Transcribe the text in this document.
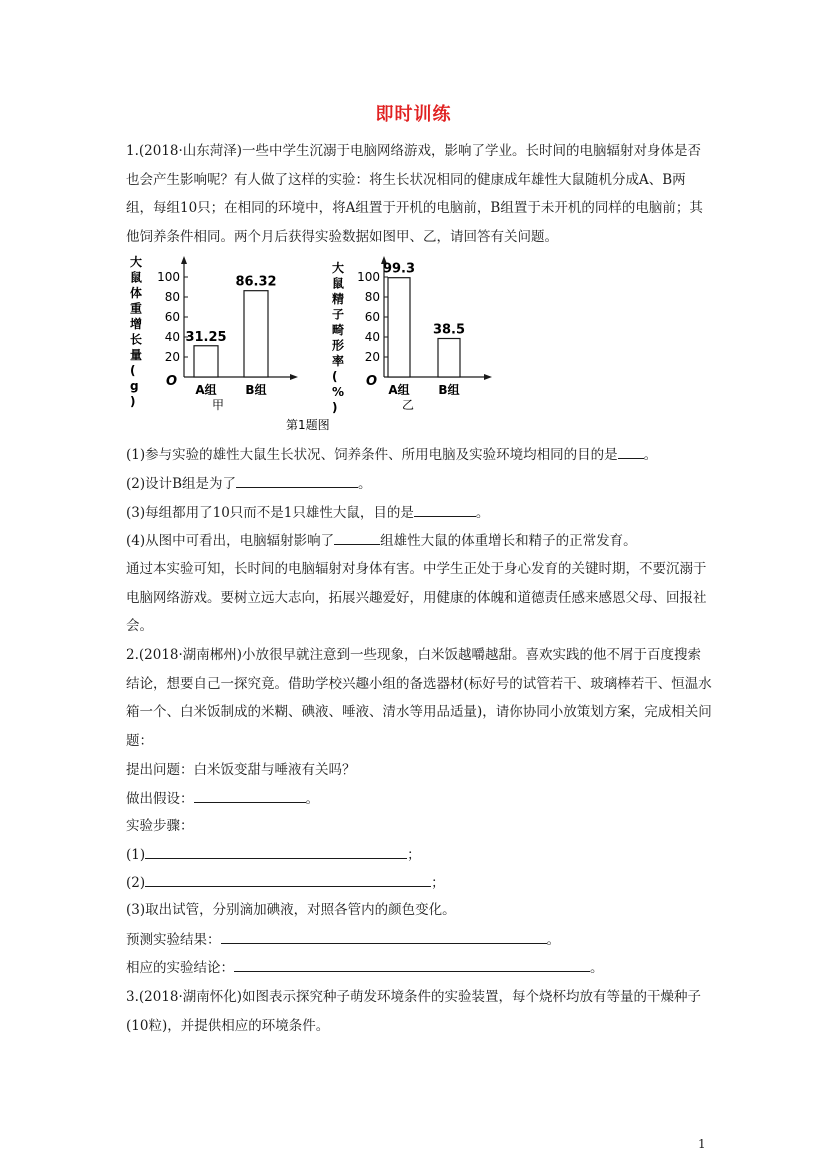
即时训练
1.(2018·山东菏泽)一些中学生沉溺于电脑网络游戏，影响了学业。长时间的电脑辐射对身体是否也会产生影响呢？有人做了这样的实验：将生长状况相同的健康成年雄性大鼠随机分成A、B两组，每组10只；在相同的环境中，将A组置于开机的电脑前，B组置于未开机的同样的电脑前；其他饲养条件相同。两个月后获得实验数据如图甲、乙，请回答有关问题。
大鼠体重增长量( g )
O
20
40
60
80
100
31.25
A组
86.32
B组
甲
大鼠精子畸形率( % )
O
20
40
60
80
100
99.3
A组
38.5
B组
乙
第1题图
(1)参与实验的雄性大鼠生长状况、饲养条件、所用电脑及实验环境均相同的目的是 。
(2)设计B组是为了	。
(3)每组都用了10只而不是1只雄性大鼠，目的是	。
(4)从图中可看出，电脑辐射影响了	组雄性大鼠的体重增长和精子的正常发育。
通过本实验可知，长时间的电脑辐射对身体有害。中学生正处于身心发育的关键时期，不要沉溺于电脑网络游戏。要树立远大志向，拓展兴趣爱好，用健康的体魄和道德责任感来感恩父母、回报社会。
2.(2018·湖南郴州)小放很早就注意到一些现象，白米饭越嚼越甜。喜欢实践的他不屑于百度搜索结论，想要自己一探究竟。借助学校兴趣小组的备选器材(标好号的试管若干、玻璃棒若干、恒温水箱一个、白米饭制成的米糊、碘液、唾液、清水等用品适量)，请你协同小放策划方案，完成相关问题：
提出问题：白米饭变甜与唾液有关吗？
做出假设：	。
实验步骤：
(1)	；
(2)	；
(3)取出试管，分别滴加碘液，对照各管内的颜色变化。
预测实验结果：	。
相应的实验结论：	。
3.(2018·湖南怀化)如图表示探究种子萌发环境条件的实验装置，每个烧杯均放有等量的干燥种子(10粒)，并提供相应的环境条件。
1
